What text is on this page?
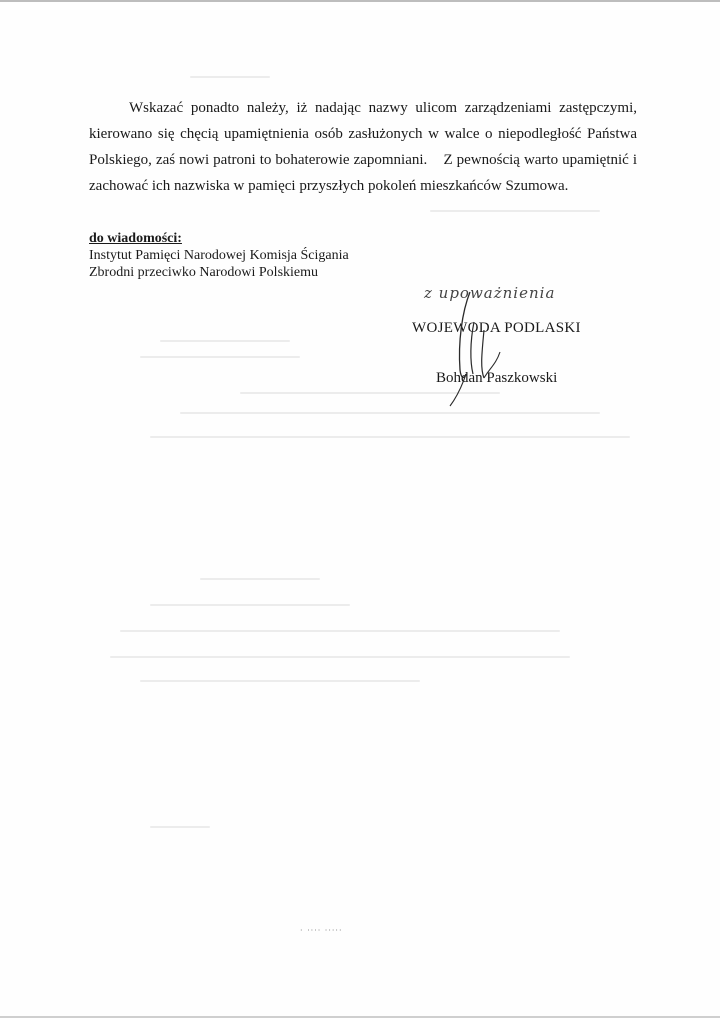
Wskazać ponadto należy, iż nadając nazwy ulicom zarządzeniami zastępczymi, kierowano się chęcią upamiętnienia osób zasłużonych w walce o niepodległość Państwa Polskiego, zaś nowi patroni to bohaterowie zapomniani. Z pewnością warto upamiętnić i zachować ich nazwiska w pamięci przyszłych pokoleń mieszkańców Szumowa.

do wiadomości:
Instytut Pamięci Narodowej Komisja Ścigania
Zbrodni przeciwko Narodowi Polskiemu
z upoważnienia
WOJEWODA PODLASKI
Bohdan Paszkowski
· ···· ·····
